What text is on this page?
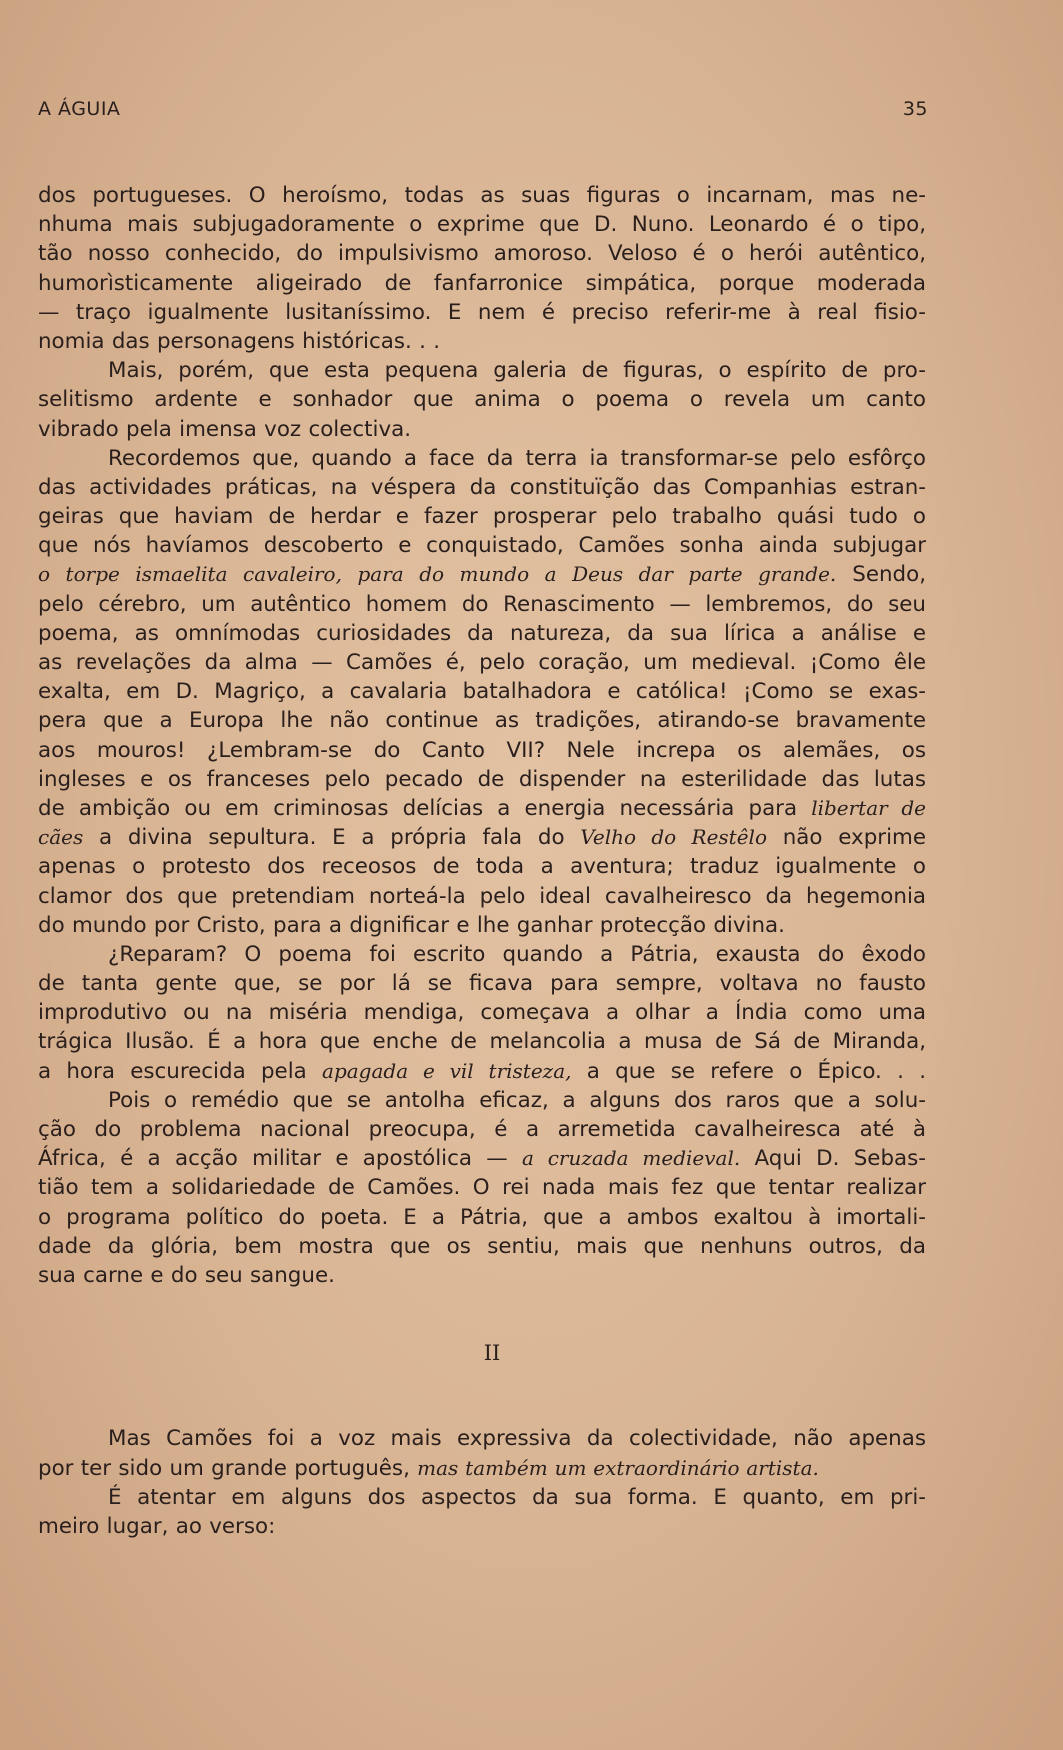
A ÁGUIA	35
dos portugueses. O heroísmo, todas as suas figuras o incarnam, mas ne-
nhuma mais subjugadoramente o exprime que D. Nuno. Leonardo é o tipo,
tão nosso conhecido, do impulsivismo amoroso. Veloso é o herói autêntico,
humorìsticamente aligeirado de fanfarronice simpática, porque moderada
— traço igualmente lusitaníssimo. E nem é preciso referir-me à real fisio-
nomia das personagens históricas. . .
Mais, porém, que esta pequena galeria de figuras, o espírito de pro-
selitismo ardente e sonhador que anima o poema o revela um canto
vibrado pela imensa voz colectiva.
Recordemos que, quando a face da terra ia transformar-se pelo esfôrço
das actividades práticas, na véspera da constituïção das Companhias estran-
geiras que haviam de herdar e fazer prosperar pelo trabalho quási tudo o
que nós havíamos descoberto e conquistado, Camões sonha ainda subjugar
o torpe ismaelita cavaleiro, para do mundo a Deus dar parte grande. Sendo,
pelo cérebro, um autêntico homem do Renascimento — lembremos, do seu
poema, as omnímodas curiosidades da natureza, da sua lírica a análise e
as revelações da alma — Camões é, pelo coração, um medieval. ¡Como êle
exalta, em D. Magriço, a cavalaria batalhadora e católica! ¡Como se exas-
pera que a Europa lhe não continue as tradições, atirando-se bravamente
aos mouros! ¿Lembram-se do Canto VII? Nele increpa os alemães, os
ingleses e os franceses pelo pecado de dispender na esterilidade das lutas
de ambição ou em criminosas delícias a energia necessária para libertar de
cães a divina sepultura. E a própria fala do Velho do Restêlo não exprime
apenas o protesto dos receosos de toda a aventura; traduz igualmente o
clamor dos que pretendiam norteá-la pelo ideal cavalheiresco da hegemonia
do mundo por Cristo, para a dignificar e lhe ganhar protecção divina.
¿Reparam? O poema foi escrito quando a Pátria, exausta do êxodo
de tanta gente que, se por lá se ficava para sempre, voltava no fausto
improdutivo ou na miséria mendiga, começava a olhar a Índia como uma
trágica Ilusão. É a hora que enche de melancolia a musa de Sá de Miranda,
a hora escurecida pela apagada e vil tristeza, a que se refere o Épico. . .
Pois o remédio que se antolha eficaz, a alguns dos raros que a solu-
ção do problema nacional preocupa, é a arremetida cavalheiresca até à
África, é a acção militar e apostólica — a cruzada medieval. Aqui D. Sebas-
tião tem a solidariedade de Camões. O rei nada mais fez que tentar realizar
o programa político do poeta. E a Pátria, que a ambos exaltou à imortali-
dade da glória, bem mostra que os sentiu, mais que nenhuns outros, da
sua carne e do seu sangue.
II
Mas Camões foi a voz mais expressiva da colectividade, não apenas
por ter sido um grande português, mas também um extraordinário artista.
É atentar em alguns dos aspectos da sua forma. E quanto, em pri-
meiro lugar, ao verso:
